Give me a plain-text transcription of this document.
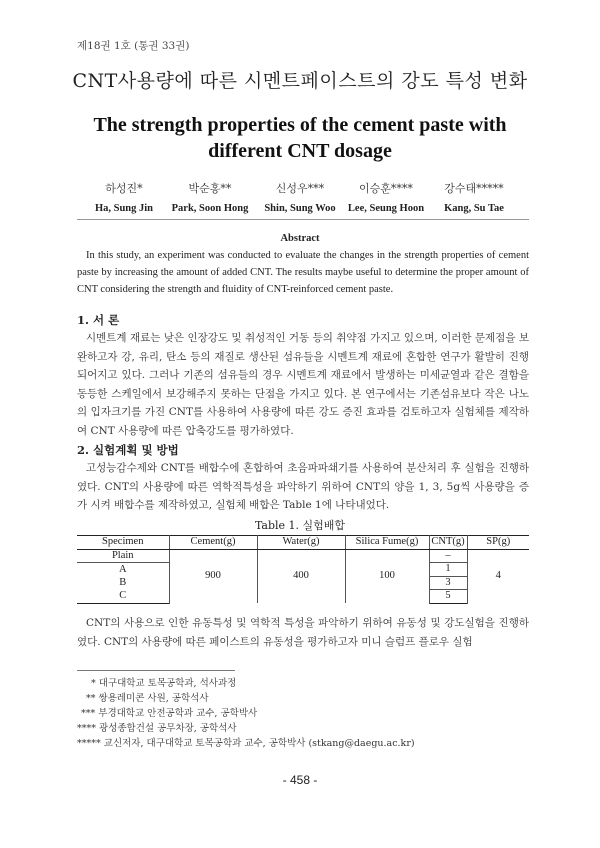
제18권 1호 (통권 33권)
CNT사용량에 따른 시멘트페이스트의 강도 특성 변화
The strength properties of the cement paste with
different CNT dosage
하성진*
Ha, Sung Jin
박순홍**
Park, Soon Hong
신성우***
Shin, Sung Woo
이승훈****
Lee, Seung Hoon
강수태*****
Kang, Su Tae
Abstract
In this study, an experiment was conducted to evaluate the changes in the strength properties of cement paste by increasing the amount of added CNT. The results maybe useful to determine the proper amount of CNT considering the strength and fluidity of CNT-reinforced cement paste.
1. 서 론
시멘트계 재료는 낮은 인장강도 및 취성적인 거동 등의 취약점 가지고 있으며, 이러한 문제점을 보완하고자 강, 유리, 탄소 등의 재질로 생산된 섬유들을 시멘트계 재료에 혼합한 연구가 활발히 진행되어지고 있다. 그러나 기존의 섬유들의 경우 시멘트계 재료에서 발생하는 미세균열과 같은 결함을 동등한 스케일에서 보강해주지 못하는 단점을 가지고 있다. 본 연구에서는 기존섬유보다 작은 나노의 입자크기를 가진 CNT를 사용하여 사용량에 따른 강도 증진 효과를 검토하고자 실험체를 제작하여 CNT 사용량에 따른 압축강도를 평가하였다.
2. 실험계획 및 방법
고성능감수제와 CNT를 배합수에 혼합하여 초음파파쇄기를 사용하여 분산처리 후 실험을 진행하였다. CNT의 사용량에 따른 역학적특성을 파악하기 위하여 CNT의 양을 1, 3, 5g씩 사용량을 증가 시켜 배합수를 제작하였고, 실험체 배합은 Table 1에 나타내었다.
Table 1. 실험배합
Specimen	Cement(g)	Water(g)	Silica Fume(g)	CNT(g)	SP(g)
Plain	900	400	100	–	4
A				1	
B				3	
C				5	
CNT의 사용으로 인한 유동특성 및 역학적 특성을 파악하기 위하여 유동성 및 강도실험을 진행하였다. CNT의 사용량에 따른 페이스트의 유동성을 평가하고자 미니 슬럼프 플로우 실험
* 대구대학교 토목공학과, 석사과정
** 쌍용레미콘 사원, 공학석사
*** 부경대학교 안전공학과 교수, 공학박사
**** 광성종합건설 공무차장, 공학석사
***** 교신저자, 대구대학교 토목공학과 교수, 공학박사 (stkang@daegu.ac.kr)
- 458 -
